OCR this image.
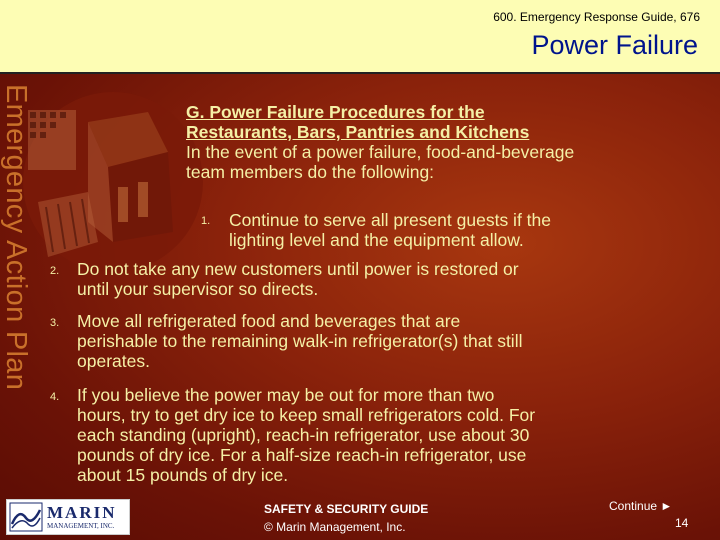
600. Emergency Response Guide, 676
Power Failure
Emergency Action Plan	G. Power Failure Procedures for the
Restaurants, Bars, Pantries and Kitchens
In the event of a power failure, food-and-beverage
team members do the following:
1. Continue to serve all present guests if the
lighting level and the equipment allow.
2. Do not take any new customers until power is restored or
until your supervisor so directs.
3. Move all refrigerated food and beverages that are
perishable to the remaining walk-in refrigerator(s) that still
operates.
4. If you believe the power may be out for more than two
hours, try to get dry ice to keep small refrigerators cold. For
each standing (upright), reach-in refrigerator, use about 30
pounds of dry ice. For a half-size reach-in refrigerator, use
about 15 pounds of dry ice.
MARIN
MANAGEMENT, INC.
SAFETY & SECURITY GUIDE
© Marin Management, Inc.
Continue ►
14
